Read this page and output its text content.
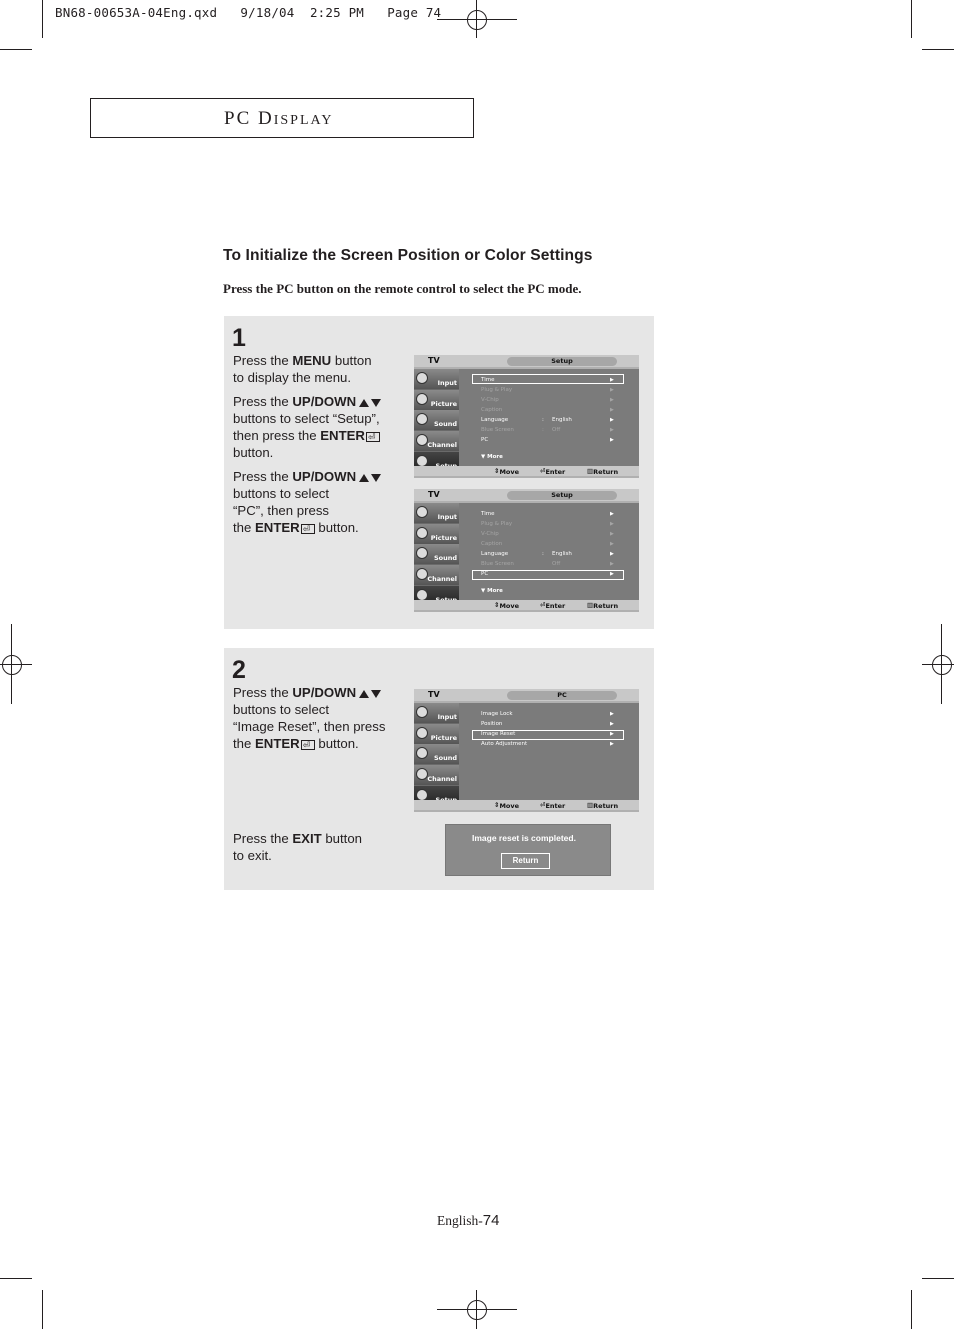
BN68-00653A-04Eng.qxd   9/18/04  2:25 PM   Page 74
PC DISPLAY
To Initialize the Screen Position or Color Settings
Press the PC button on the remote control to select the PC mode.
1
Press the MENU button
to display the menu.
Press the UP/DOWN
buttons to select “Setup”,
then press the ENTER⏎
button.
Press the UP/DOWN
buttons to select
“PC”, then press
the ENTER⏎ button.
TV	Setup
Input
Picture
Sound
Channel
Time	▶
Plug & Play	▶
V-Chip	▶
Caption	▶
Language	: English	▶
Blue Screen	: Off	▶
PC	▶
▼ More
⇕ Move	⏎ Enter	▥ Return
TV	Setup
Input
Picture
Sound
Channel
Time	▶
Plug & Play	▶
V-Chip	▶
Caption	▶
Language	: English	▶
Blue Screen	Off	▶
PC	▶
▼ More
⇕ Move	⏎ Enter	▥ Return
2
Press the UP/DOWN
buttons to select
“Image Reset”, then press
the ENTER⏎ button.
Press the EXIT button
to exit.
TV	PC
Input
Picture
Sound
Channel
Image Lock	▶
Position	▶
Image Reset	▶
Auto Adjustment	▶
⇕ Move	⏎ Enter	▥ Return
Image reset is completed.
Return
English-74
